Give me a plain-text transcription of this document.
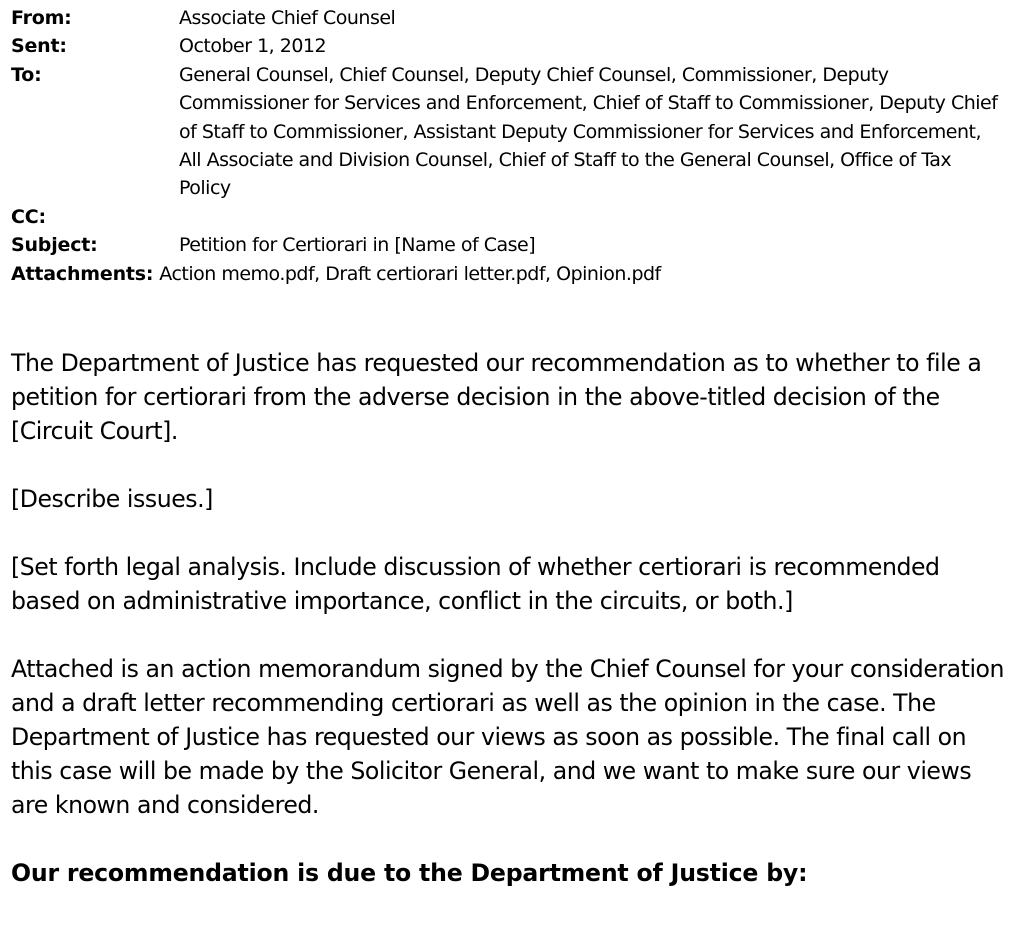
From:	Associate Chief Counsel
Sent:	October 1, 2012
To:	General Counsel, Chief Counsel, Deputy Chief Counsel, Commissioner, Deputy Commissioner for Services and Enforcement, Chief of Staff to Commissioner, Deputy Chief of Staff to Commissioner, Assistant Deputy Commissioner for Services and Enforcement, All Associate and Division Counsel, Chief of Staff to the General Counsel, Office of Tax Policy
CC:
Subject:	Petition for Certiorari in [Name of Case]
Attachments: Action memo.pdf, Draft certiorari letter.pdf, Opinion.pdf

The Department of Justice has requested our recommendation as to whether to file a petition for certiorari from the adverse decision in the above-titled decision of the [Circuit Court].

[Describe issues.]

[Set forth legal analysis. Include discussion of whether certiorari is recommended based on administrative importance, conflict in the circuits, or both.]

Attached is an action memorandum signed by the Chief Counsel for your consideration and a draft letter recommending certiorari as well as the opinion in the case. The Department of Justice has requested our views as soon as possible. The final call on this case will be made by the Solicitor General, and we want to make sure our views are known and considered.

Our recommendation is due to the Department of Justice by:
